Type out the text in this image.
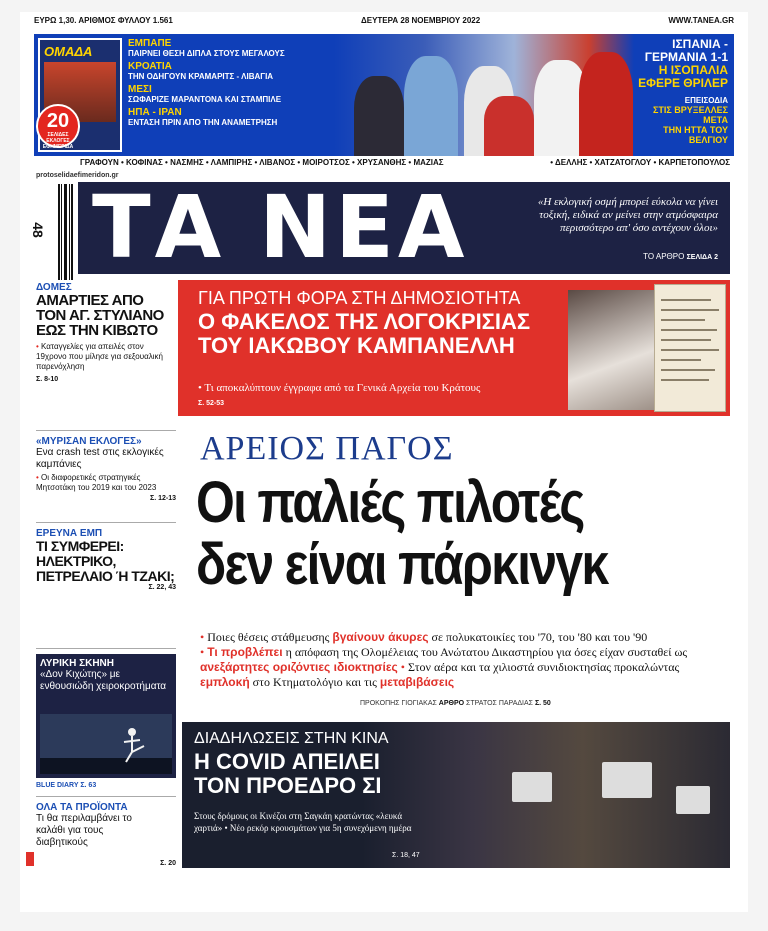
ΕΥΡΩ 1,30. ΑΡΙΘΜΟΣ ΦΥΛΛΟΥ 1.561	ΔΕΥΤΕΡΑ 28 ΝΟΕΜΒΡΙΟΥ 2022	WWW.TANEA.GR
ΟΜΑΔΑ
20
ΣΕΛΙΔΕΣ ΕΚΛΟΓΕΣ ΕΦΗΜΕΡΙΔΑ
ΕΜΠΑΠΕ
ΠΑΙΡΝΕΙ ΘΕΣΗ ΔΙΠΛΑ ΣΤΟΥΣ ΜΕΓΑΛΟΥΣ
ΚΡΟΑΤΙΑ
ΤΗΝ ΟΔΗΓΟΥΝ ΚΡΑΜΑΡΙΤΣ - ΛΙΒΑΓΙΑ
ΜΕΣΙ
ΣΩΦΑΡΙΖΕ ΜΑΡΑΝΤΟΝΑ ΚΑΙ ΣΤΑΜΠΙΛΕ
ΗΠΑ - ΙΡΑΝ
ΕΝΤΑΣΗ ΠΡΙΝ ΑΠΟ ΤΗΝ ΑΝΑΜΕΤΡΗΣΗ
ΙΣΠΑΝΙΑ -
ΓΕΡΜΑΝΙΑ 1-1
Η ΙΣΟΠΑΛΙΑ
ΕΦΕΡΕ ΘΡΙΛΕΡ
ΕΠΕΙΣΟΔΙΑ
ΣΤΙΣ ΒΡΥΞΕΛΛΕΣ ΜΕΤΑ
ΤΗΝ ΗΤΤΑ ΤΟΥ ΒΕΛΓΙΟΥ
ΓΡΑΦΟΥΝ • ΚΟΦΙΝΑΣ • ΝΑΣΜΗΣ • ΛΑΜΠΙΡΗΣ • ΛΙΒΑΝΟΣ • ΜΟΙΡΟΤΣΟΣ • ΧΡΥΣΑΝΘΗΣ • ΜΑΖΙΑΣ	• ΔΕΛΛΗΣ • ΧΑΤΖΑΤΟΓΛΟΥ • ΚΑΡΠΕΤΟΠΟΥΛΟΣ
protoselidaefimeridon.gr
48 ΤΑ ΝΕΑ	«Η εκλογική οσμή μπορεί εύκολα να γίνει τοξική, ειδικά αν μείνει στην ατμόσφαιρα περισσότερο απ' όσο αντέχουν όλοι»
ΤΟ ΑΡΘΡΟ ΣΕΛΙΔΑ 2
ΔΟΜΕΣ
ΑΜΑΡΤΙΕΣ ΑΠΟ ΤΟΝ ΑΓ. ΣΤΥΛΙΑΝΟ ΕΩΣ ΤΗΝ ΚΙΒΩΤΟ
• Καταγγελίες για απειλές στον 19χρονο που μίλησε για σεξουαλική παρενόχληση
Σ. 8-10
«ΜΥΡΙΣΑΝ ΕΚΛΟΓΕΣ»
Ενα crash test στις εκλογικές καμπάνιες
• Οι διαφορετικές στρατηγικές Μητσοτάκη του 2019 και του 2023
Σ. 12-13
ΕΡΕΥΝΑ ΕΜΠ
ΤΙ ΣΥΜΦΕΡΕΙ: ΗΛΕΚΤΡΙΚΟ, ΠΕΤΡΕΛΑΙΟ Ή ΤΖΑΚΙ;
Σ. 22, 43
ΛΥΡΙΚΗ ΣΚΗΝΗ
«Δον Κιχώτης» με ενθουσιώδη χειροκροτήματα
BLUE DIARY Σ. 63
ΟΛΑ ΤΑ ΠΡΟΪΟΝΤΑ
Τι θα περιλαμβάνει το καλάθι για τους διαβητικούς
Σ. 20
ΓΙΑ ΠΡΩΤΗ ΦΟΡΑ ΣΤΗ ΔΗΜΟΣΙΟΤΗΤΑ
Ο ΦΑΚΕΛΟΣ ΤΗΣ ΛΟΓΟΚΡΙΣΙΑΣ
ΤΟΥ ΙΑΚΩΒΟΥ ΚΑΜΠΑΝΕΛΛΗ
• Τι αποκαλύπτουν έγγραφα από τα Γενικά Αρχεία του Κράτους
Σ. 52-53
ΑΡΕΙΟΣ ΠΑΓΟΣ
Οι παλιές πιλοτές
δεν είναι πάρκινγκ
• Ποιες θέσεις στάθμευσης βγαίνουν άκυρες σε πολυκατοικίες του '70, του '80 και του '90
• Τι προβλέπει η απόφαση της Ολομέλειας του Ανώτατου Δικαστηρίου για όσες είχαν συσταθεί ως ανεξάρτητες οριζόντιες ιδιοκτησίες • Στον αέρα και τα χιλιοστά συνιδιοκτησίας προκαλώντας εμπλοκή στο Κτηματολόγιο και τις μεταβιβάσεις
ΠΡΟΚΟΠΗΣ ΓΙΟΓΙΑΚΑΣ ΑΡΘΡΟ ΣΤΡΑΤΟΣ ΠΑΡΑΔΙΑΣ Σ. 50
ΔΙΑΔΗΛΩΣΕΙΣ ΣΤΗΝ ΚΙΝΑ
Η COVID ΑΠΕΙΛΕΙ
ΤΟΝ ΠΡΟΕΔΡΟ ΣΙ
Στους δρόμους οι Κινέζοι στη Σαγκάη κρατώντας «λευκά χαρτιά» • Νέο ρεκόρ κρουσμάτων για 5η συνεχόμενη ημέρα
Σ. 18, 47
